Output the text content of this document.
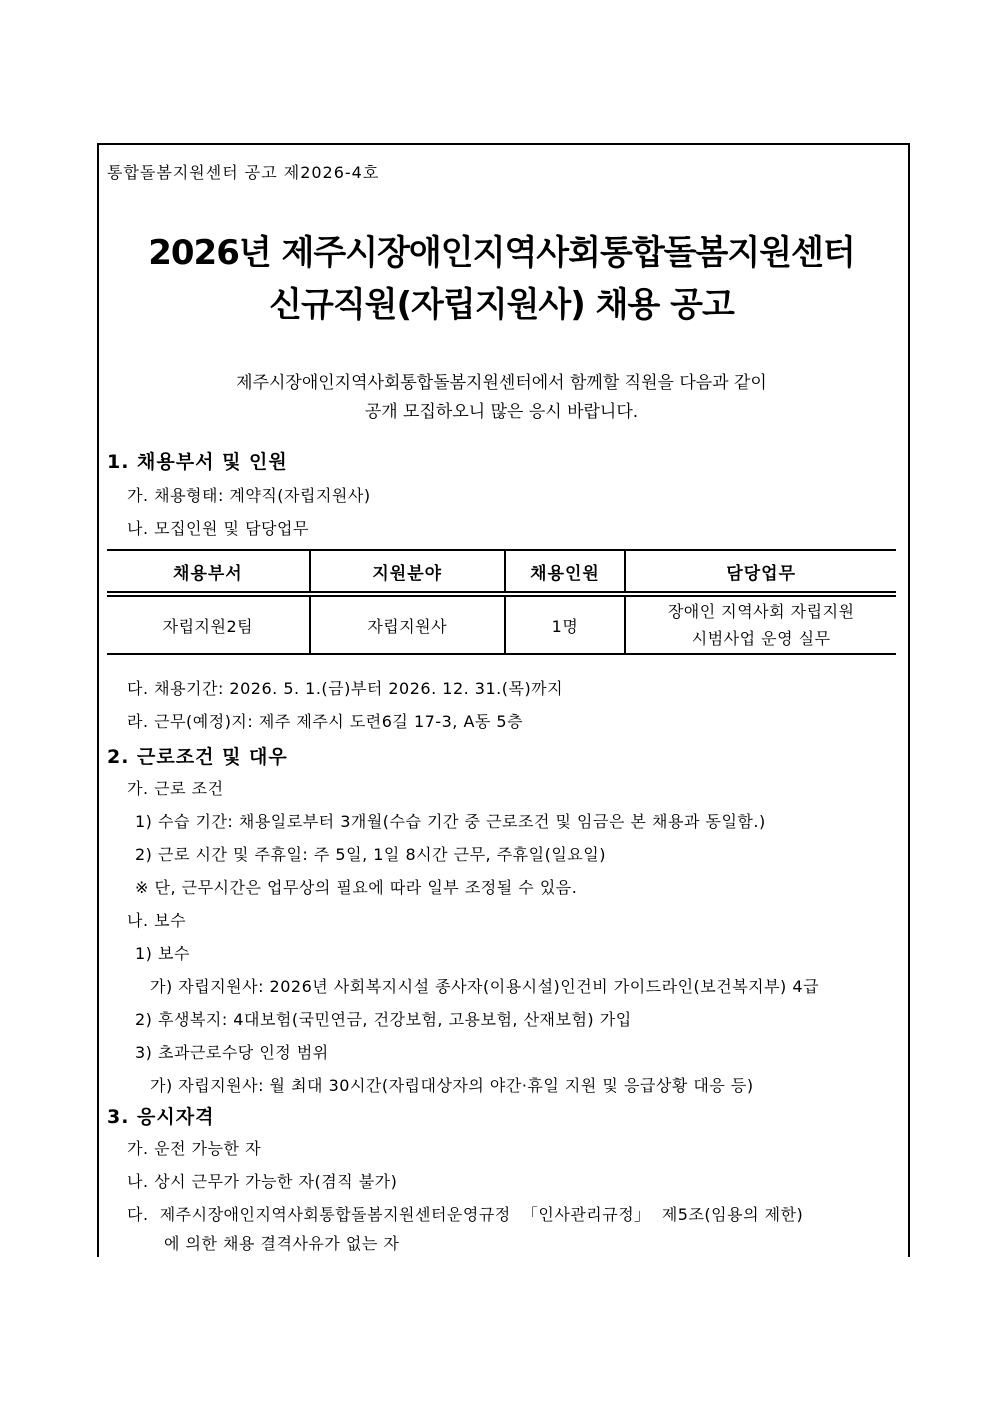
통합돌봄지원센터 공고 제2026-4호
2026년 제주시장애인지역사회통합돌봄지원센터
신규직원(자립지원사) 채용 공고
제주시장애인지역사회통합돌봄지원센터에서 함께할 직원을 다음과 같이
공개 모집하오니 많은 응시 바랍니다.
1. 채용부서 및 인원
가. 채용형태: 계약직(자립지원사)
나. 모집인원 및 담당업무
채용부서	지원분야	채용인원	담당업무
자립지원2팀	자립지원사	1명	장애인 지역사회 자립지원
시범사업 운영 실무
다. 채용기간: 2026. 5. 1.(금)부터 2026. 12. 31.(목)까지
라. 근무(예정)지: 제주 제주시 도련6길 17-3, A동 5층
2. 근로조건 및 대우
가. 근로 조건
1) 수습 기간: 채용일로부터 3개월(수습 기간 중 근로조건 및 임금은 본 채용과 동일함.)
2) 근로 시간 및 주휴일: 주 5일, 1일 8시간 근무, 주휴일(일요일)
※ 단, 근무시간은 업무상의 필요에 따라 일부 조정될 수 있음.
나. 보수
1) 보수
가) 자립지원사: 2026년 사회복지시설 종사자(이용시설)인건비 가이드라인(보건복지부) 4급
2) 후생복지: 4대보험(국민연금, 건강보험, 고용보험, 산재보험) 가입
3) 초과근로수당 인정 범위
가) 자립지원사: 월 최대 30시간(자립대상자의 야간·휴일 지원 및 응급상황 대응 등)
3. 응시자격
가. 운전 가능한 자
나. 상시 근무가 가능한 자(겸직 불가)
다.  제주시장애인지역사회통합돌봄지원센터운영규정  「인사관리규정」  제5조(임용의 제한)
에 의한 채용 결격사유가 없는 자
